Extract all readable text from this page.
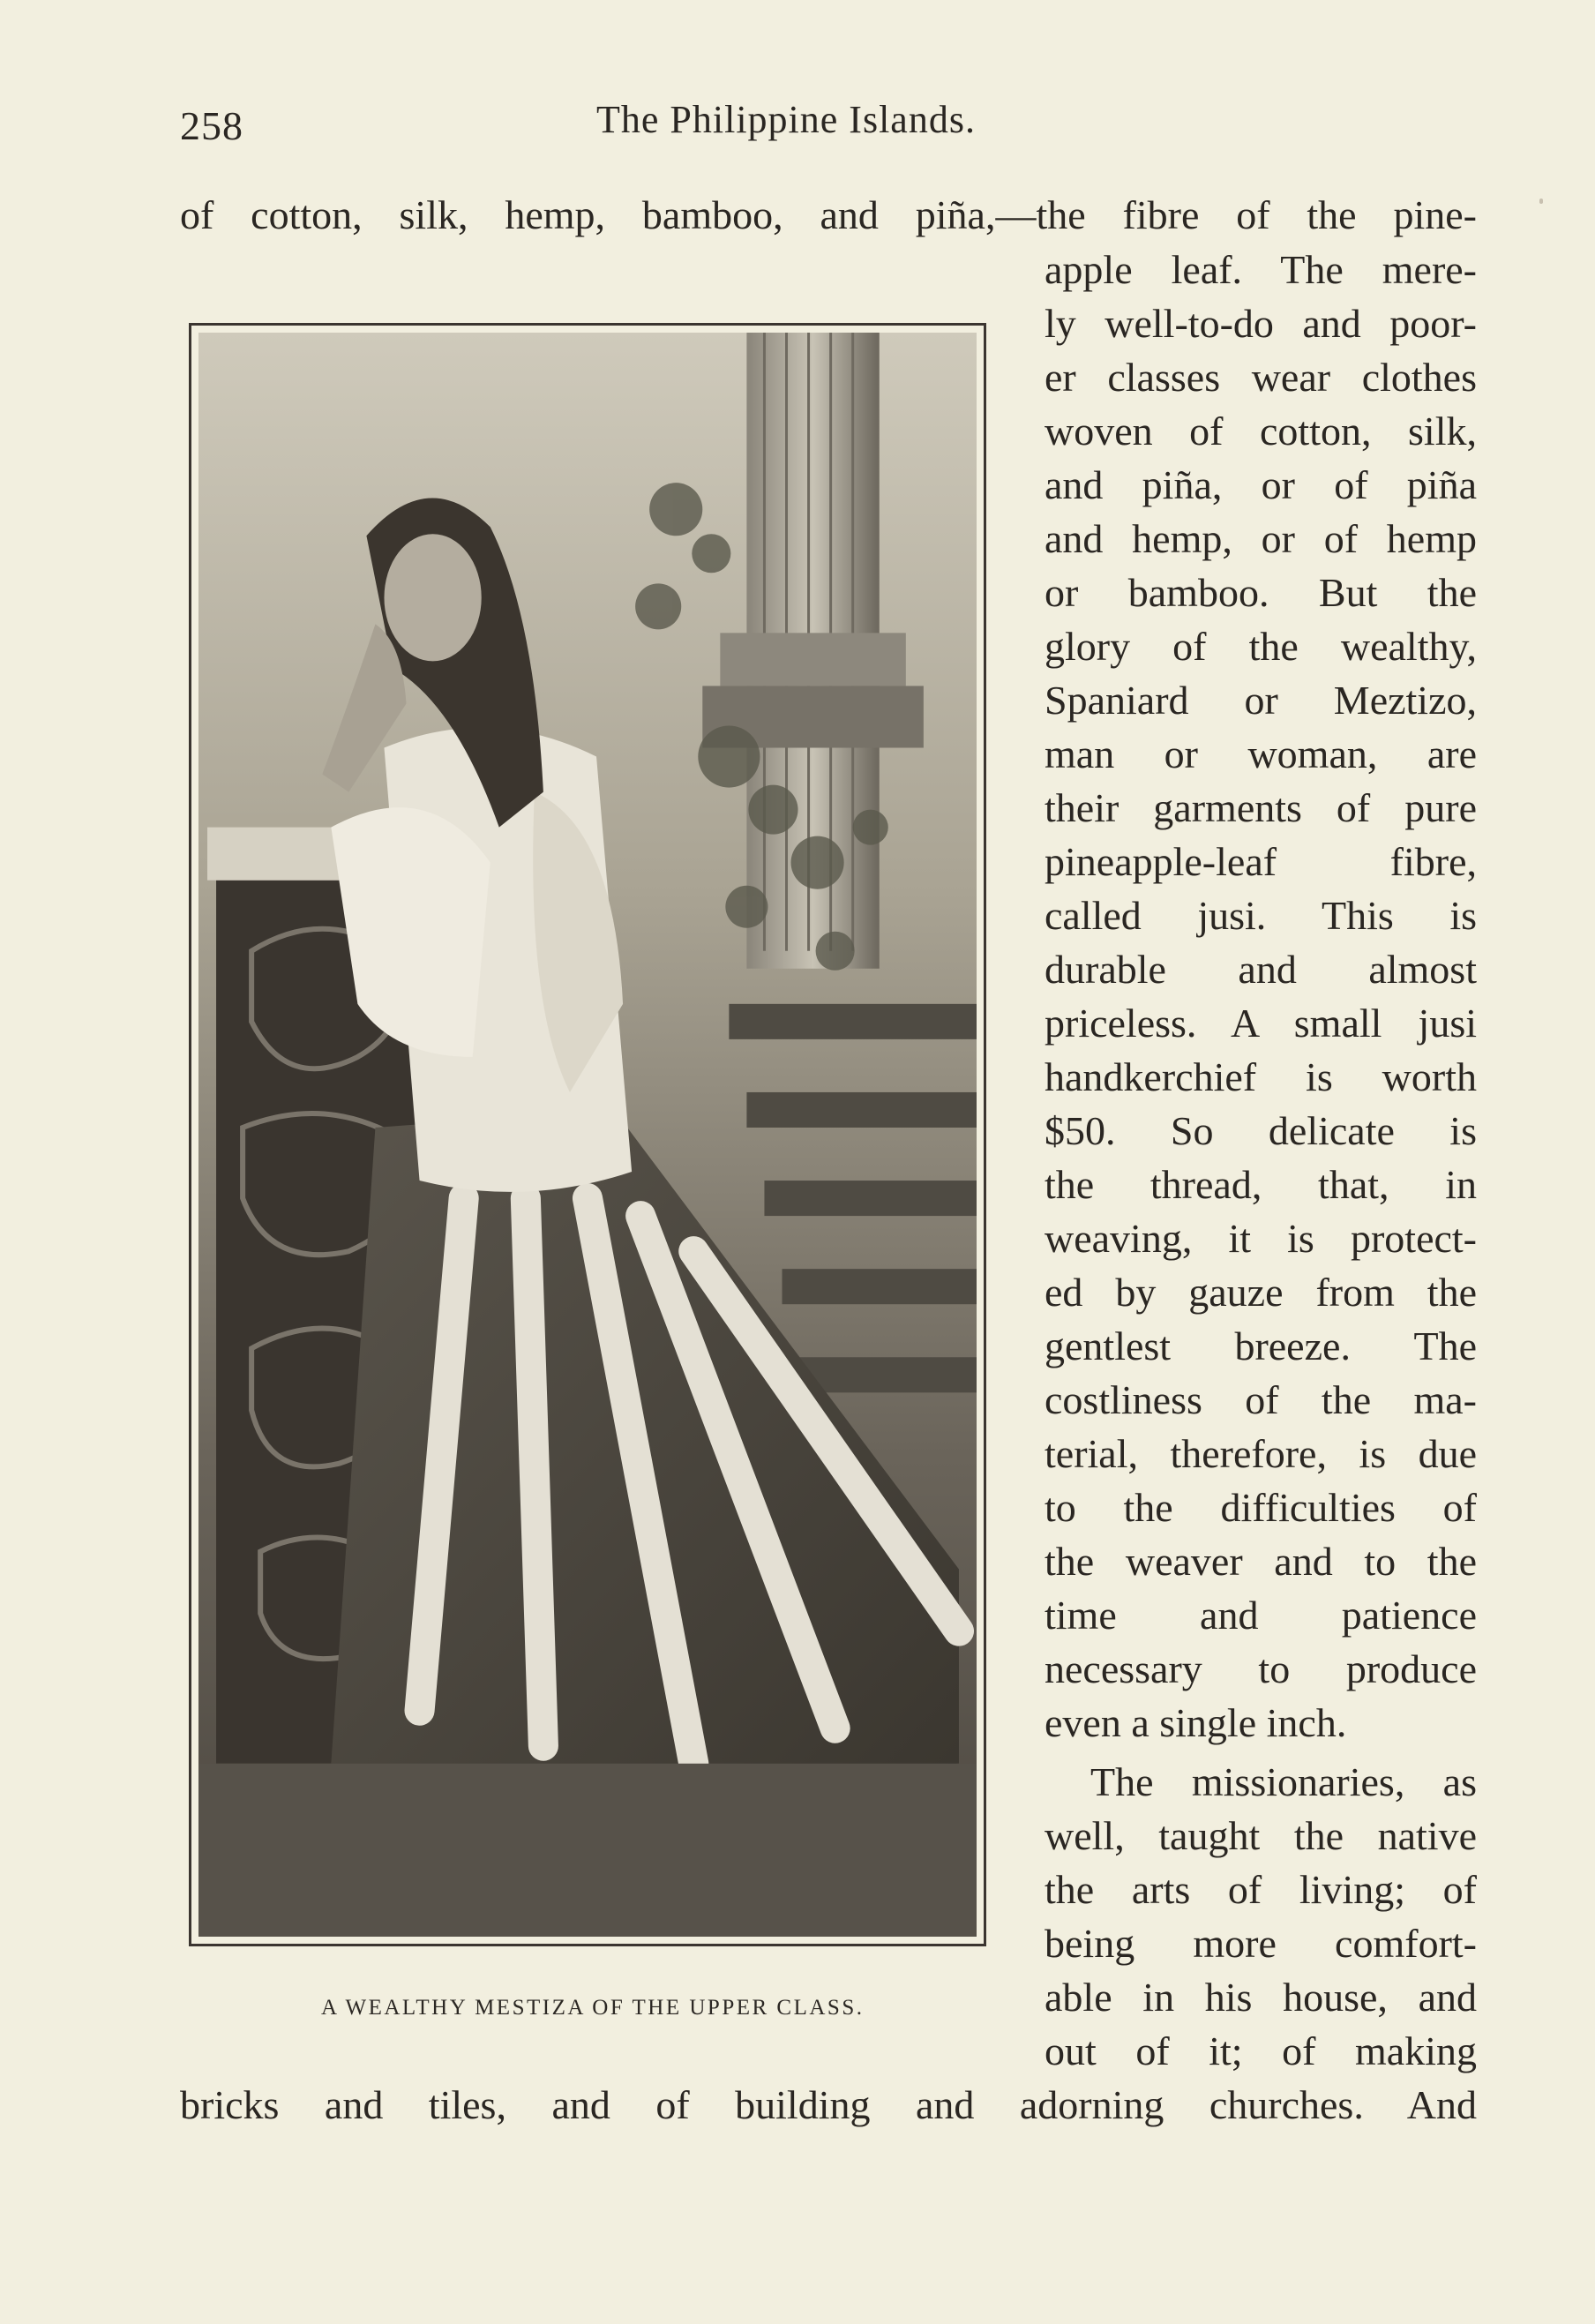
258	The Philippine Islands.
of cotton, silk, hemp, bamboo, and piña,—the fibre of the pine-
apple leaf. The mere-
ly well-to-do and poor-
er classes wear clothes
woven of cotton, silk,
and piña, or of piña
and hemp, or of hemp
or bamboo. But the
glory of the wealthy,
Spaniard or Meztizo,
man or woman, are
their garments of pure
pineapple-leaf fibre,
called jusi. This is
durable and almost
priceless. A small jusi
handkerchief is worth
$50. So delicate is
the thread, that, in
weaving, it is protect-
ed by gauze from the
gentlest breeze. The
costliness of the ma-
terial, therefore, is due
to the difficulties of
the weaver and to the
time and patience
necessary to produce
even a single inch.
The missionaries, as
well, taught the native
the arts of living; of
being more comfort-
able in his house, and
out of it; of making
bricks and tiles, and of building and adorning churches. And
A WEALTHY MESTIZA OF THE UPPER CLASS.
